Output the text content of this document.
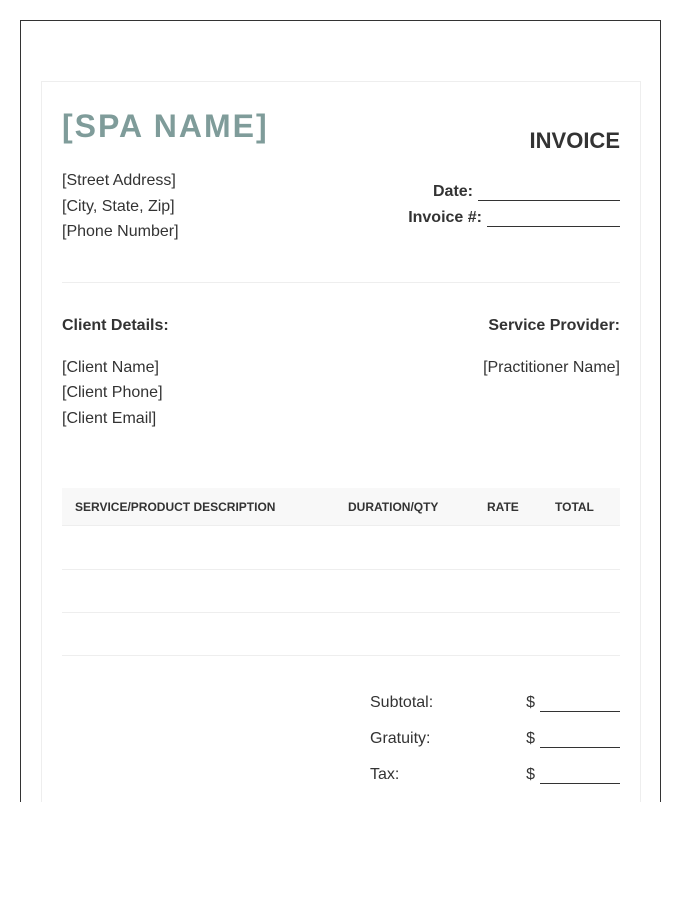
[SPA NAME]	INVOICE
[Street Address]
[City, State, Zip]
[Phone Number]
Date:
Invoice #:
Client Details:	Service Provider:
[Client Name]
[Client Phone]
[Client Email]
[Practitioner Name]
SERVICE/PRODUCT DESCRIPTION	DURATION/QTY	RATE	TOTAL
Subtotal:	$
Gratuity:	$
Tax:	$
